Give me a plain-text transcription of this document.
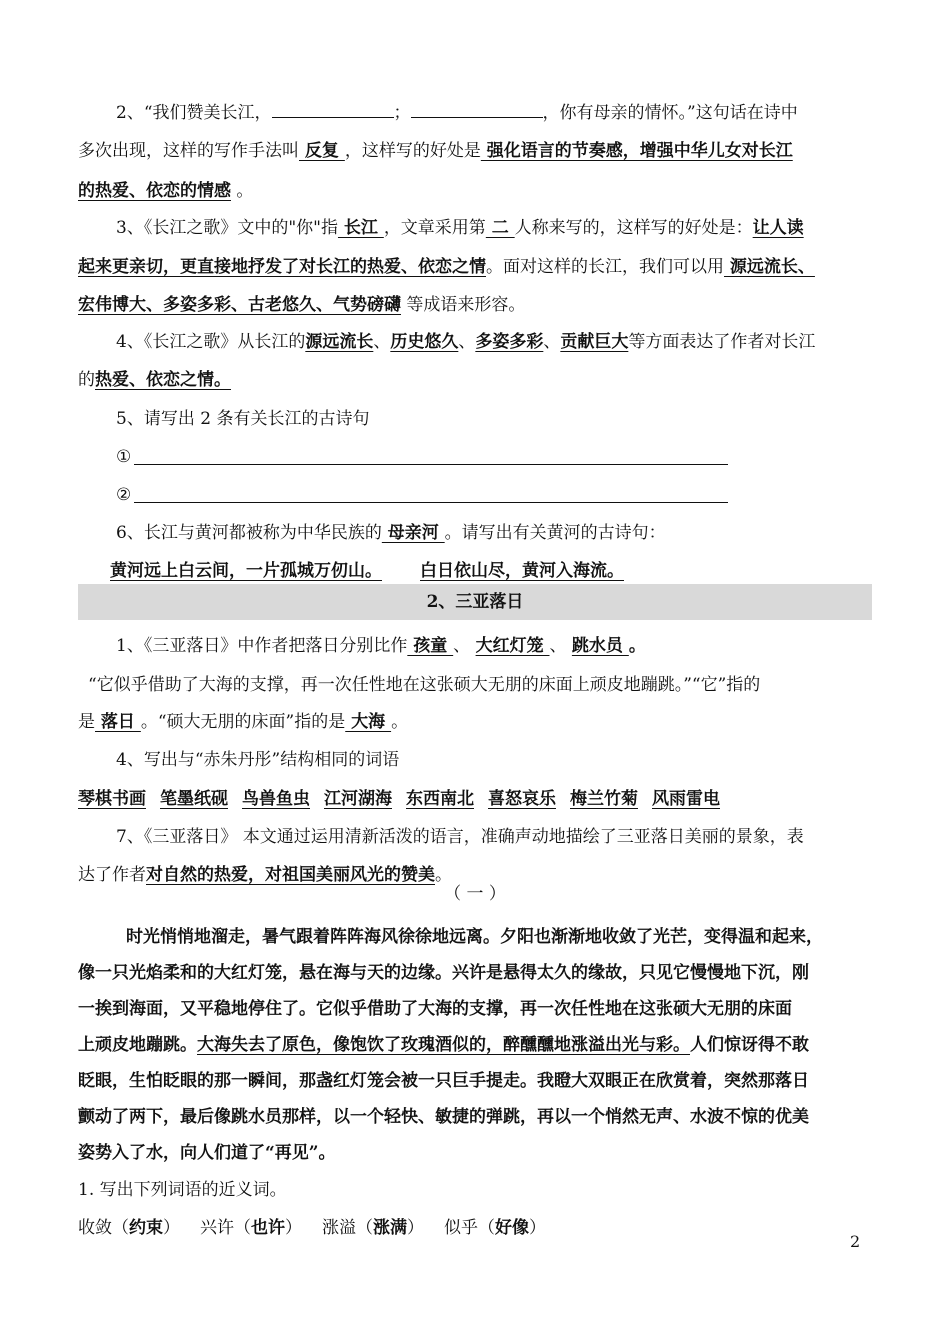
2、“我们赞美长江，	；	，你有母亲的情怀。”这句话在诗中
多次出现，这样的写作手法叫 反复 ，这样写的好处是 强化语言的节奏感，增强中华儿女对长江
的热爱、依恋的情感 。
3、《长江之歌》文中的"你"指 长江 ，文章采用第 二 人称来写的，这样写的好处是：让人读
起来更亲切，更直接地抒发了对长江的热爱、依恋之情。面对这样的长江，我们可以用 源远流长、
宏伟博大、多姿多彩、古老悠久、气势磅礴 等成语来形容。
4、《长江之歌》从长江的源远流长、历史悠久、多姿多彩、贡献巨大等方面表达了作者对长江
的热爱、依恋之情。
5、请写出 2 条有关长江的古诗句
①
②
6、长江与黄河都被称为中华民族的 母亲河 。请写出有关黄河的古诗句：
黄河远上白云间，一片孤城万仞山。 白日依山尽，黄河入海流。
2、三亚落日
1、《三亚落日》中作者把落日分别比作 孩童 、 大红灯笼 、 跳水员 。
“它似乎借助了大海的支撑，再一次任性地在这张硕大无朋的床面上顽皮地蹦跳。”“它”指的
是 落日 。“硕大无朋的床面”指的是 大海 。
4、写出与“赤朱丹彤”结构相同的词语
琴棋书画 笔墨纸砚 鸟兽鱼虫 江河湖海 东西南北 喜怒哀乐 梅兰竹菊 风雨雷电
7、《三亚落日》 本文通过运用清新活泼的语言，准确声动地描绘了三亚落日美丽的景象，表
达了作者对自然的热爱，对祖国美丽风光的赞美。
（ 一 ）
时光悄悄地溜走，暑气跟着阵阵海风徐徐地远离。夕阳也渐渐地收敛了光芒，变得温和起来，
像一只光焰柔和的大红灯笼，悬在海与天的边缘。兴许是悬得太久的缘故，只见它慢慢地下沉，刚
一挨到海面，又平稳地停住了。它似乎借助了大海的支撑，再一次任性地在这张硕大无朋的床面
上顽皮地蹦跳。大海失去了原色，像饱饮了玫瑰酒似的，醉醺醺地涨溢出光与彩。人们惊讶得不敢
眨眼，生怕眨眼的那一瞬间，那盏红灯笼会被一只巨手提走。我瞪大双眼正在欣赏着，突然那落日
颤动了两下，最后像跳水员那样，以一个轻快、敏捷的弹跳，再以一个悄然无声、水波不惊的优美
姿势入了水，向人们道了“再见”。
1. 写出下列词语的近义词。
收敛（约束） 兴许（也许） 涨溢（涨满） 似乎（好像）
2
